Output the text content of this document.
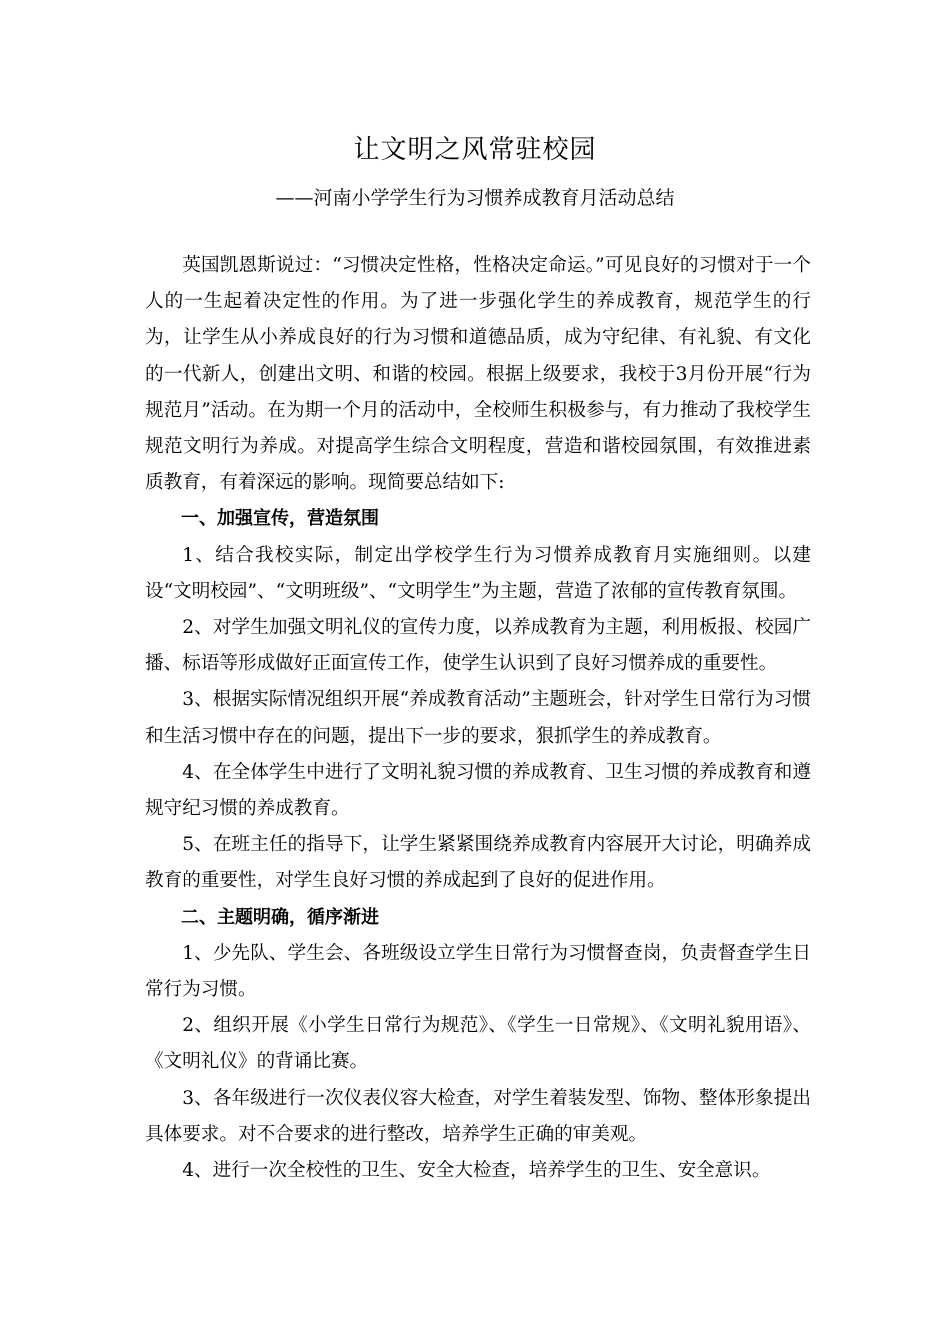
让文明之风常驻校园
——河南小学学生行为习惯养成教育月活动总结

英国凯恩斯说过：“习惯决定性格，性格决定命运。”可见良好的习惯对于一个人的一生起着决定性的作用。为了进一步强化学生的养成教育，规范学生的行为，让学生从小养成良好的行为习惯和道德品质，成为守纪律、有礼貌、有文化的一代新人，创建出文明、和谐的校园。根据上级要求，我校于3月份开展“行为规范月”活动。在为期一个月的活动中，全校师生积极参与，有力推动了我校学生规范文明行为养成。对提高学生综合文明程度，营造和谐校园氛围，有效推进素质教育，有着深远的影响。现简要总结如下:

一、加强宣传，营造氛围

1、结合我校实际，制定出学校学生行为习惯养成教育月实施细则。以建设“文明校园”、“文明班级”、“文明学生”为主题，营造了浓郁的宣传教育氛围。

2、对学生加强文明礼仪的宣传力度，以养成教育为主题，利用板报、校园广播、标语等形成做好正面宣传工作，使学生认识到了良好习惯养成的重要性。

3、根据实际情况组织开展“养成教育活动”主题班会，针对学生日常行为习惯和生活习惯中存在的问题，提出下一步的要求，狠抓学生的养成教育。

4、在全体学生中进行了文明礼貌习惯的养成教育、卫生习惯的养成教育和遵规守纪习惯的养成教育。

5、在班主任的指导下，让学生紧紧围绕养成教育内容展开大讨论，明确养成教育的重要性，对学生良好习惯的养成起到了良好的促进作用。

二、主题明确，循序渐进

1、少先队、学生会、各班级设立学生日常行为习惯督查岗，负责督查学生日常行为习惯。

2、组织开展《小学生日常行为规范》、《学生一日常规》、《文明礼貌用语》、《文明礼仪》的背诵比赛。

3、各年级进行一次仪表仪容大检查，对学生着装发型、饰物、整体形象提出具体要求。对不合要求的进行整改，培养学生正确的审美观。

4、进行一次全校性的卫生、安全大检查，培养学生的卫生、安全意识。
